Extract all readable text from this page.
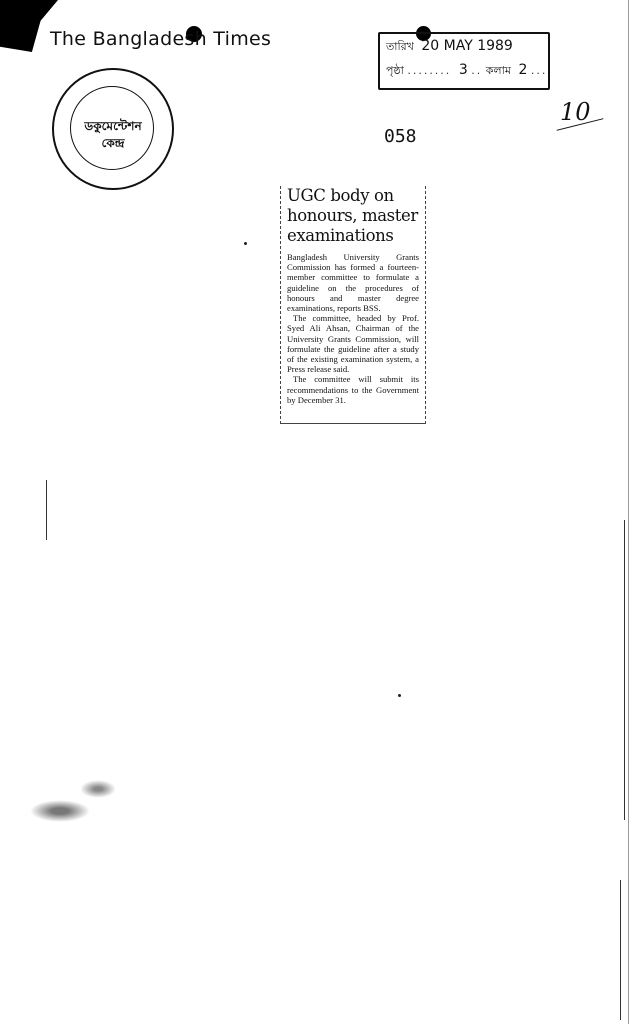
The Bangladesh Times	তারিখ 20 MAY 1989
পৃষ্ঠা ........ 3 .. কলাম 2 ...
ডকুমেন্টেশন
কেন্দ্র	058
10
UGC body on
honours, master
examinations

Bangladesh University Grants Commission has formed a fourteen-member committee to formulate a guideline on the procedures of honours and master degree examinations, reports BSS.

The committee, headed by Prof. Syed Ali Ahsan, Chairman of the University Grants Commission, will formulate the guideline after a study of the existing examination system, a Press release said.

The committee will submit its recommendations to the Government by December 31.
